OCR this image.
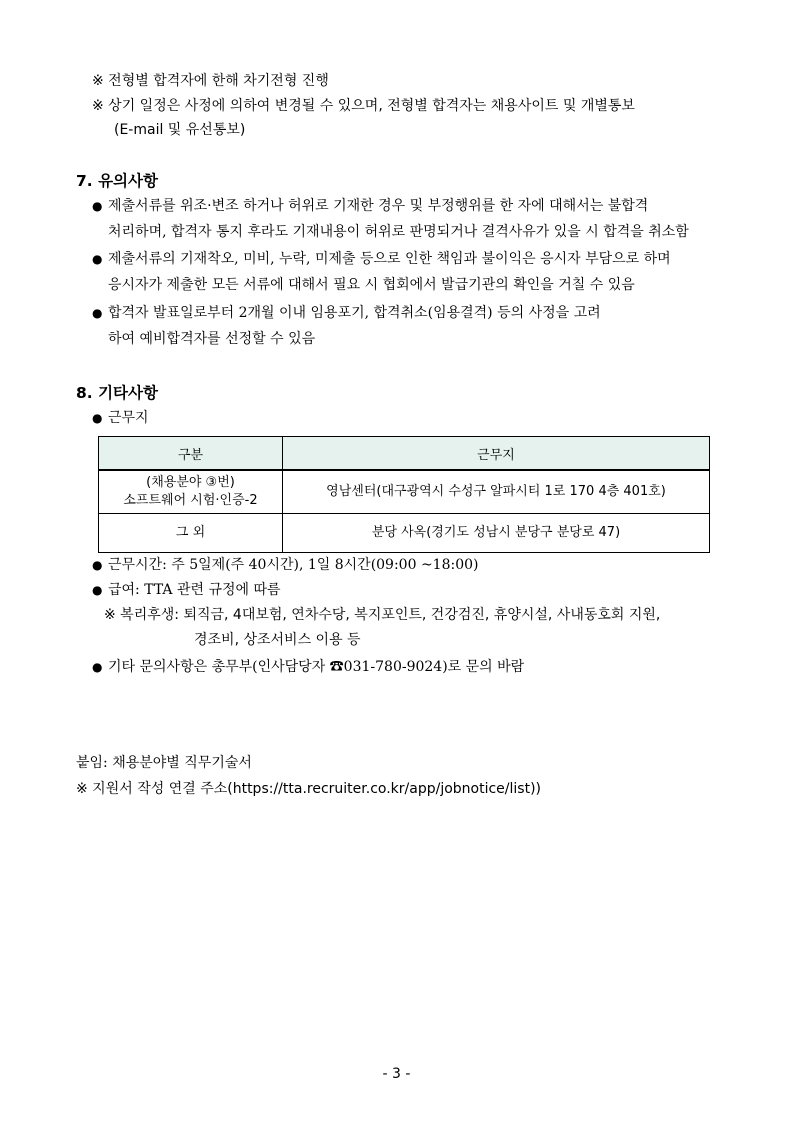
※ 전형별 합격자에 한해 차기전형 진행
※ 상기 일정은 사정에 의하여 변경될 수 있으며, 전형별 합격자는 채용사이트 및 개별통보
(E-mail 및 유선통보)
7. 유의사항
● 제출서류를 위조·변조 하거나 허위로 기재한 경우 및 부정행위를 한 자에 대해서는 불합격
처리하며, 합격자 통지 후라도 기재내용이 허위로 판명되거나 결격사유가 있을 시 합격을 취소함
● 제출서류의 기재착오, 미비, 누락, 미제출 등으로 인한 책임과 불이익은 응시자 부담으로 하며
응시자가 제출한 모든 서류에 대해서 필요 시 협회에서 발급기관의 확인을 거칠 수 있음
● 합격자 발표일로부터 2개월 이내 임용포기, 합격취소(임용결격) 등의 사정을 고려
하여 예비합격자를 선정할 수 있음
8. 기타사항
● 근무지
구분	근무지

(채용분야 ③번)
소프트웨어 시험·인증-2	영남센터(대구광역시 수성구 알파시티 1로 170 4층 401호)
그 외	분당 사옥(경기도 성남시 분당구 분당로 47)
● 근무시간: 주 5일제(주 40시간), 1일 8시간(09:00 ~18:00)
● 급여: TTA 관련 규정에 따름
※ 복리후생: 퇴직금, 4대보험, 연차수당, 복지포인트, 건강검진, 휴양시설, 사내동호회 지원,
경조비, 상조서비스 이용 등
● 기타 문의사항은 총무부(인사담당자 ☎031-780-9024)로 문의 바람
붙임: 채용분야별 직무기술서
※ 지원서 작성 연결 주소(https://tta.recruiter.co.kr/app/jobnotice/list))
- 3 -
